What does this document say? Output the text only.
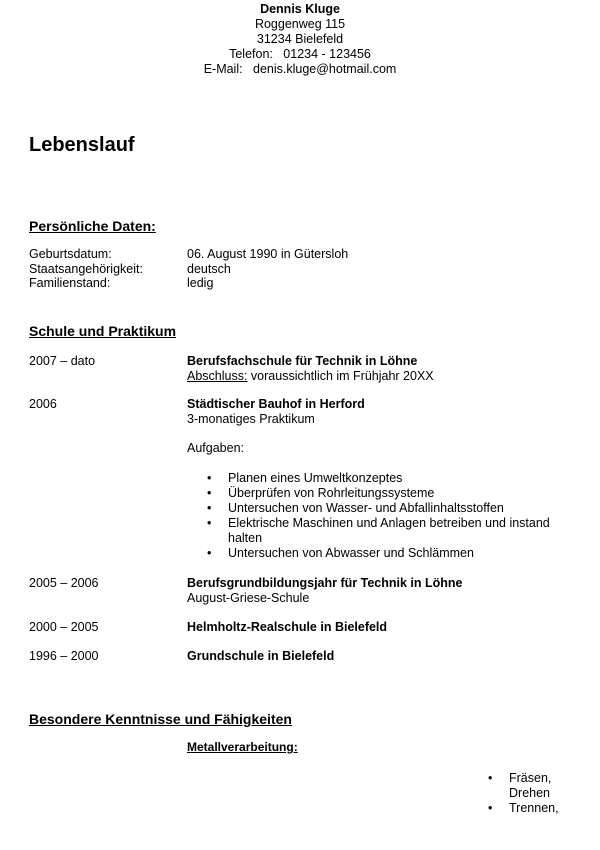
Dennis Kluge
Roggenweg 115
31234 Bielefeld
Telefon:   01234 - 123456
E-Mail:   denis.kluge@hotmail.com
Lebenslauf
Persönliche Daten:
Geburtsdatum:	06. August 1990 in Gütersloh
Staatsangehörigkeit:	deutsch
Familienstand:	ledig
Schule und Praktikum
2007 – dato	Berufsfachschule für Technik in Löhne
Abschluss: voraussichtlich im Frühjahr 20XX
2006	Städtischer Bauhof in Herford
3-monatiges Praktikum
Aufgaben:
• Planen eines Umweltkonzeptes
• Überprüfen von Rohrleitungssysteme
• Untersuchen von Wasser- und Abfallinhaltsstoffen
• Elektrische Maschinen und Anlagen betreiben und instand halten
• Untersuchen von Abwasser und Schlämmen
2005 – 2006	Berufsgrundbildungsjahr für Technik in Löhne
August-Griese-Schule
2000 – 2005	Helmholtz-Realschule in Bielefeld
1996 – 2000	Grundschule in Bielefeld
Besondere Kenntnisse und Fähigkeiten
Metallverarbeitung:
• Fräsen, Drehen
• Trennen,
